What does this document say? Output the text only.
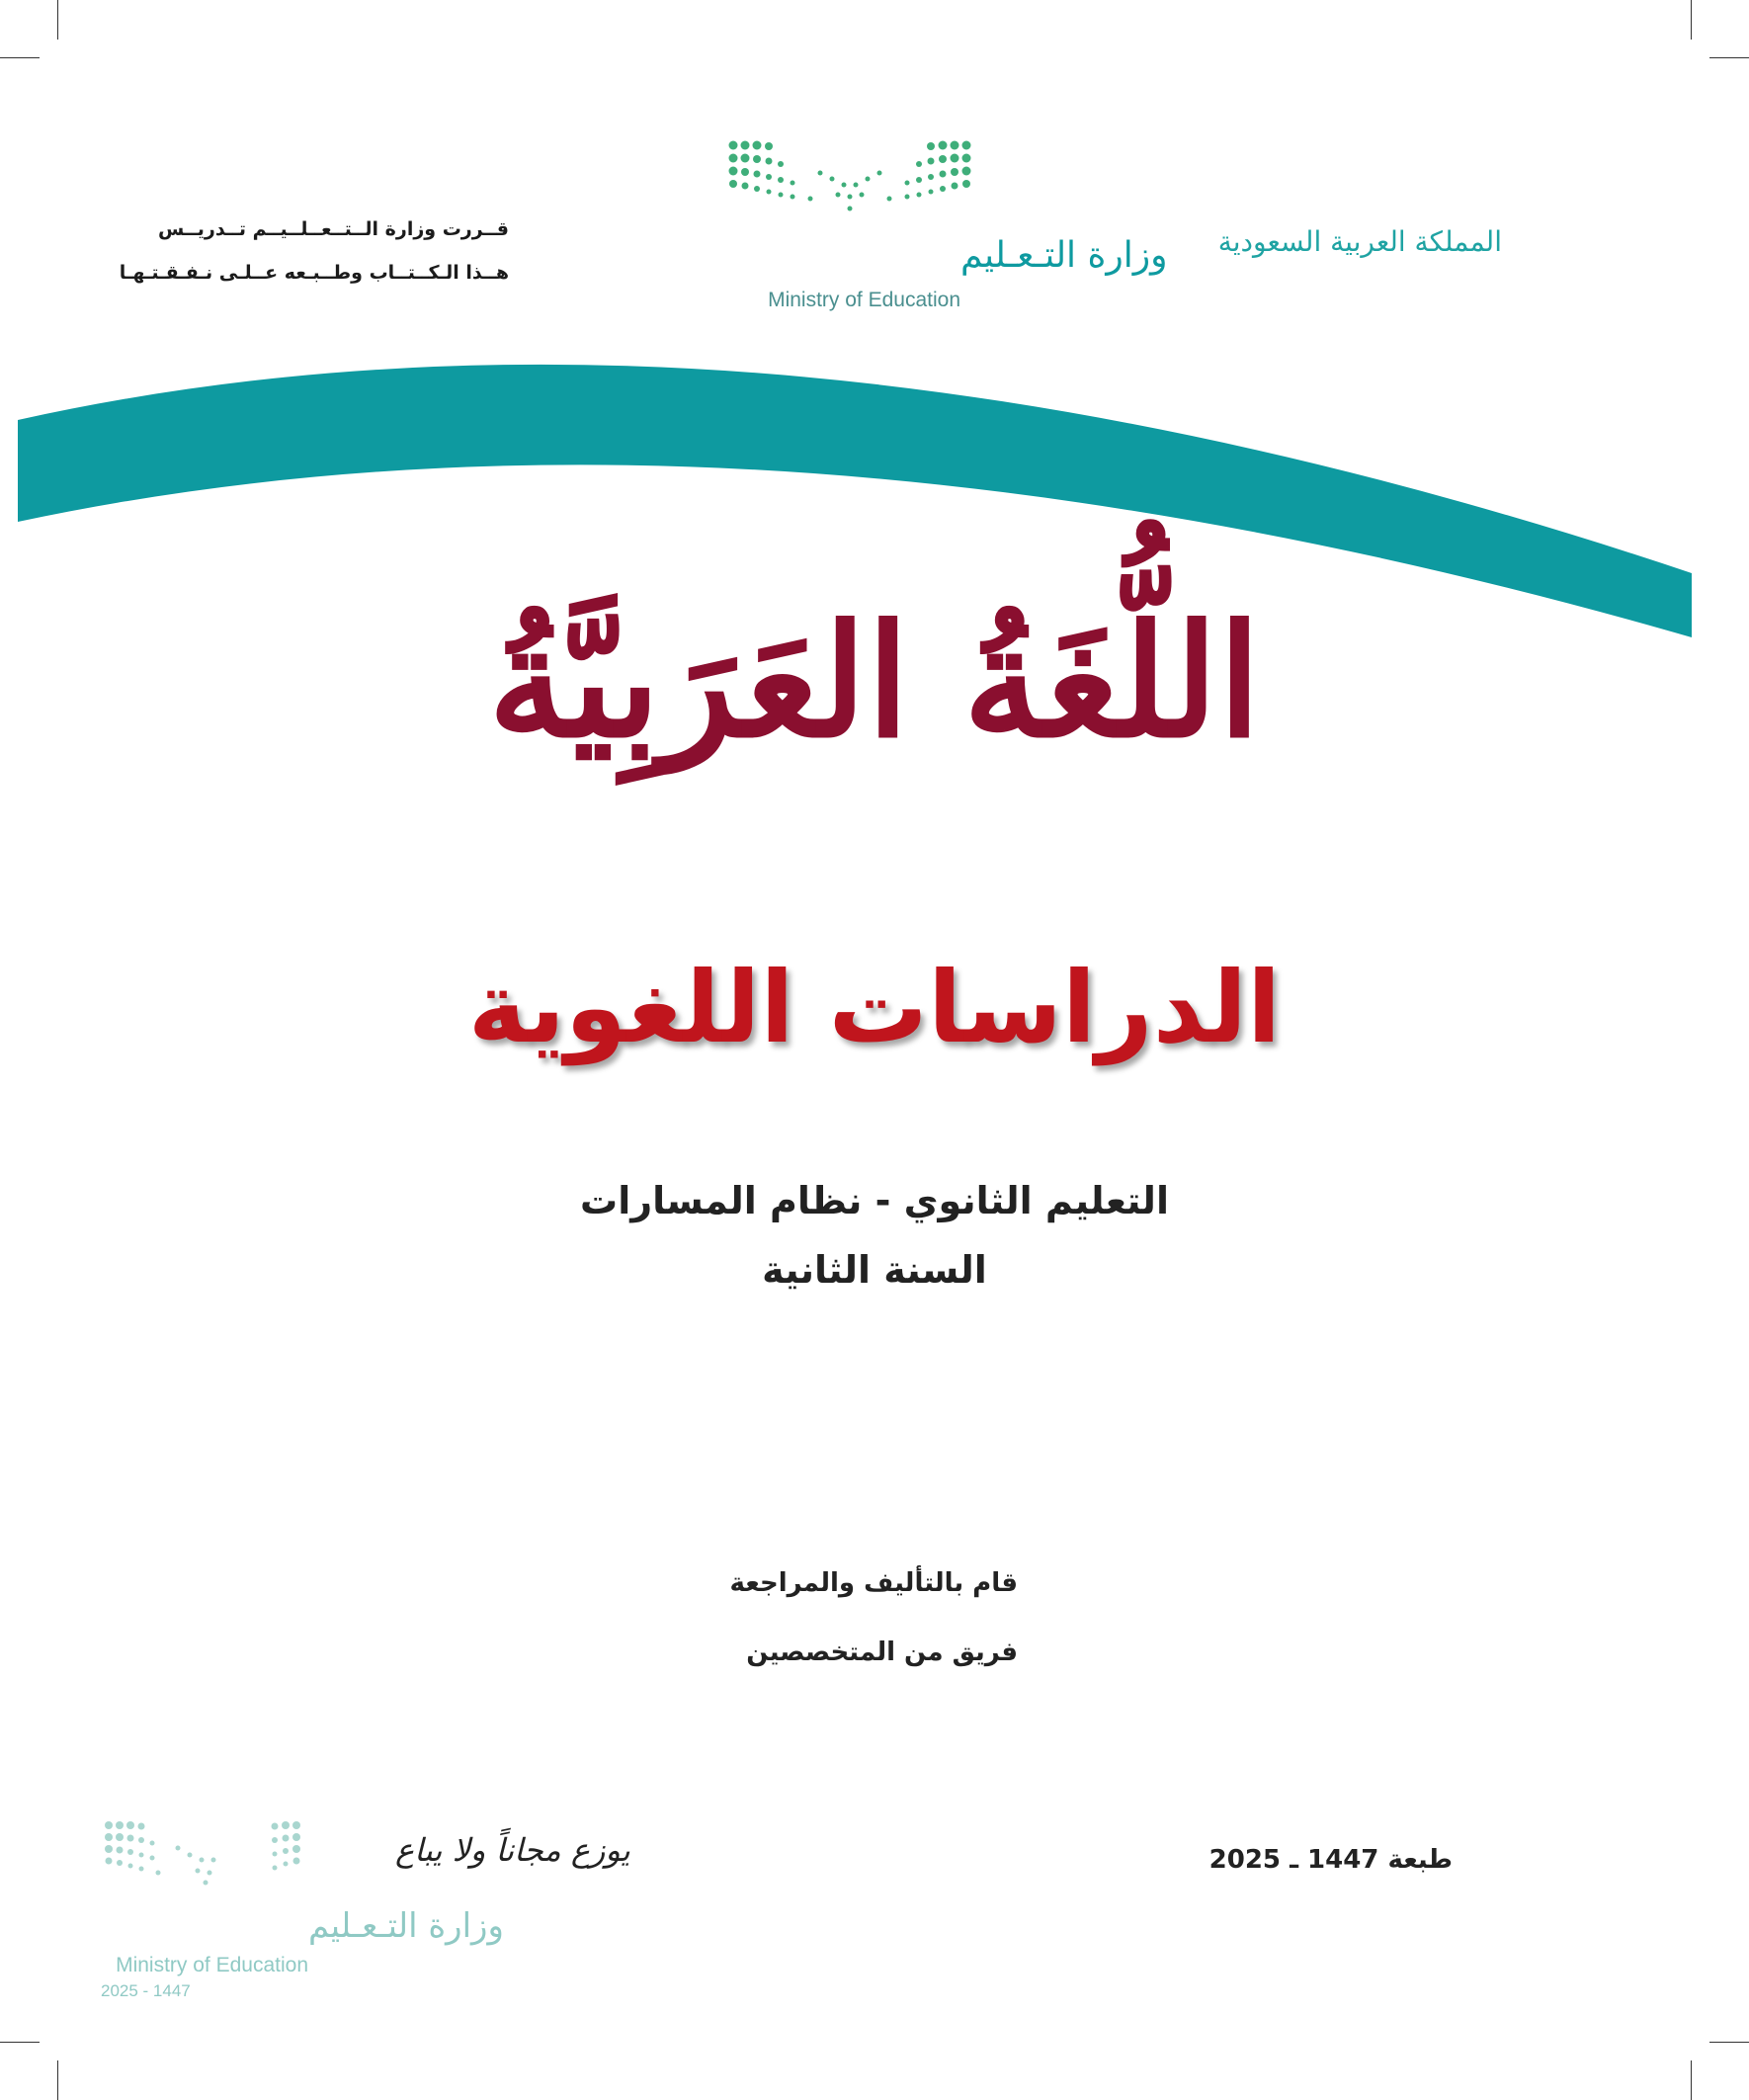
المملكة العربية السعودية
قــررت وزارة الــتــعــلــيــم تــدريــس
هــذا الـكــتــاب وطــبـعه عــلـى نـفـقـتـهـا	وزارة التـعـليم
Ministry of Education
اللُّغَةُ العَرَبِيَّةُ
الدراسات اللغوية
التعليم الثانوي - نظام المسارات
السنة الثانية
قام بالتأليف والمراجعة
فريق من المتخصصين
طبعة 1447 ـ 2025
يوزع مجاناً ولا يباع
وزارة التـعـليم
Ministry of Education
2025 - 1447
